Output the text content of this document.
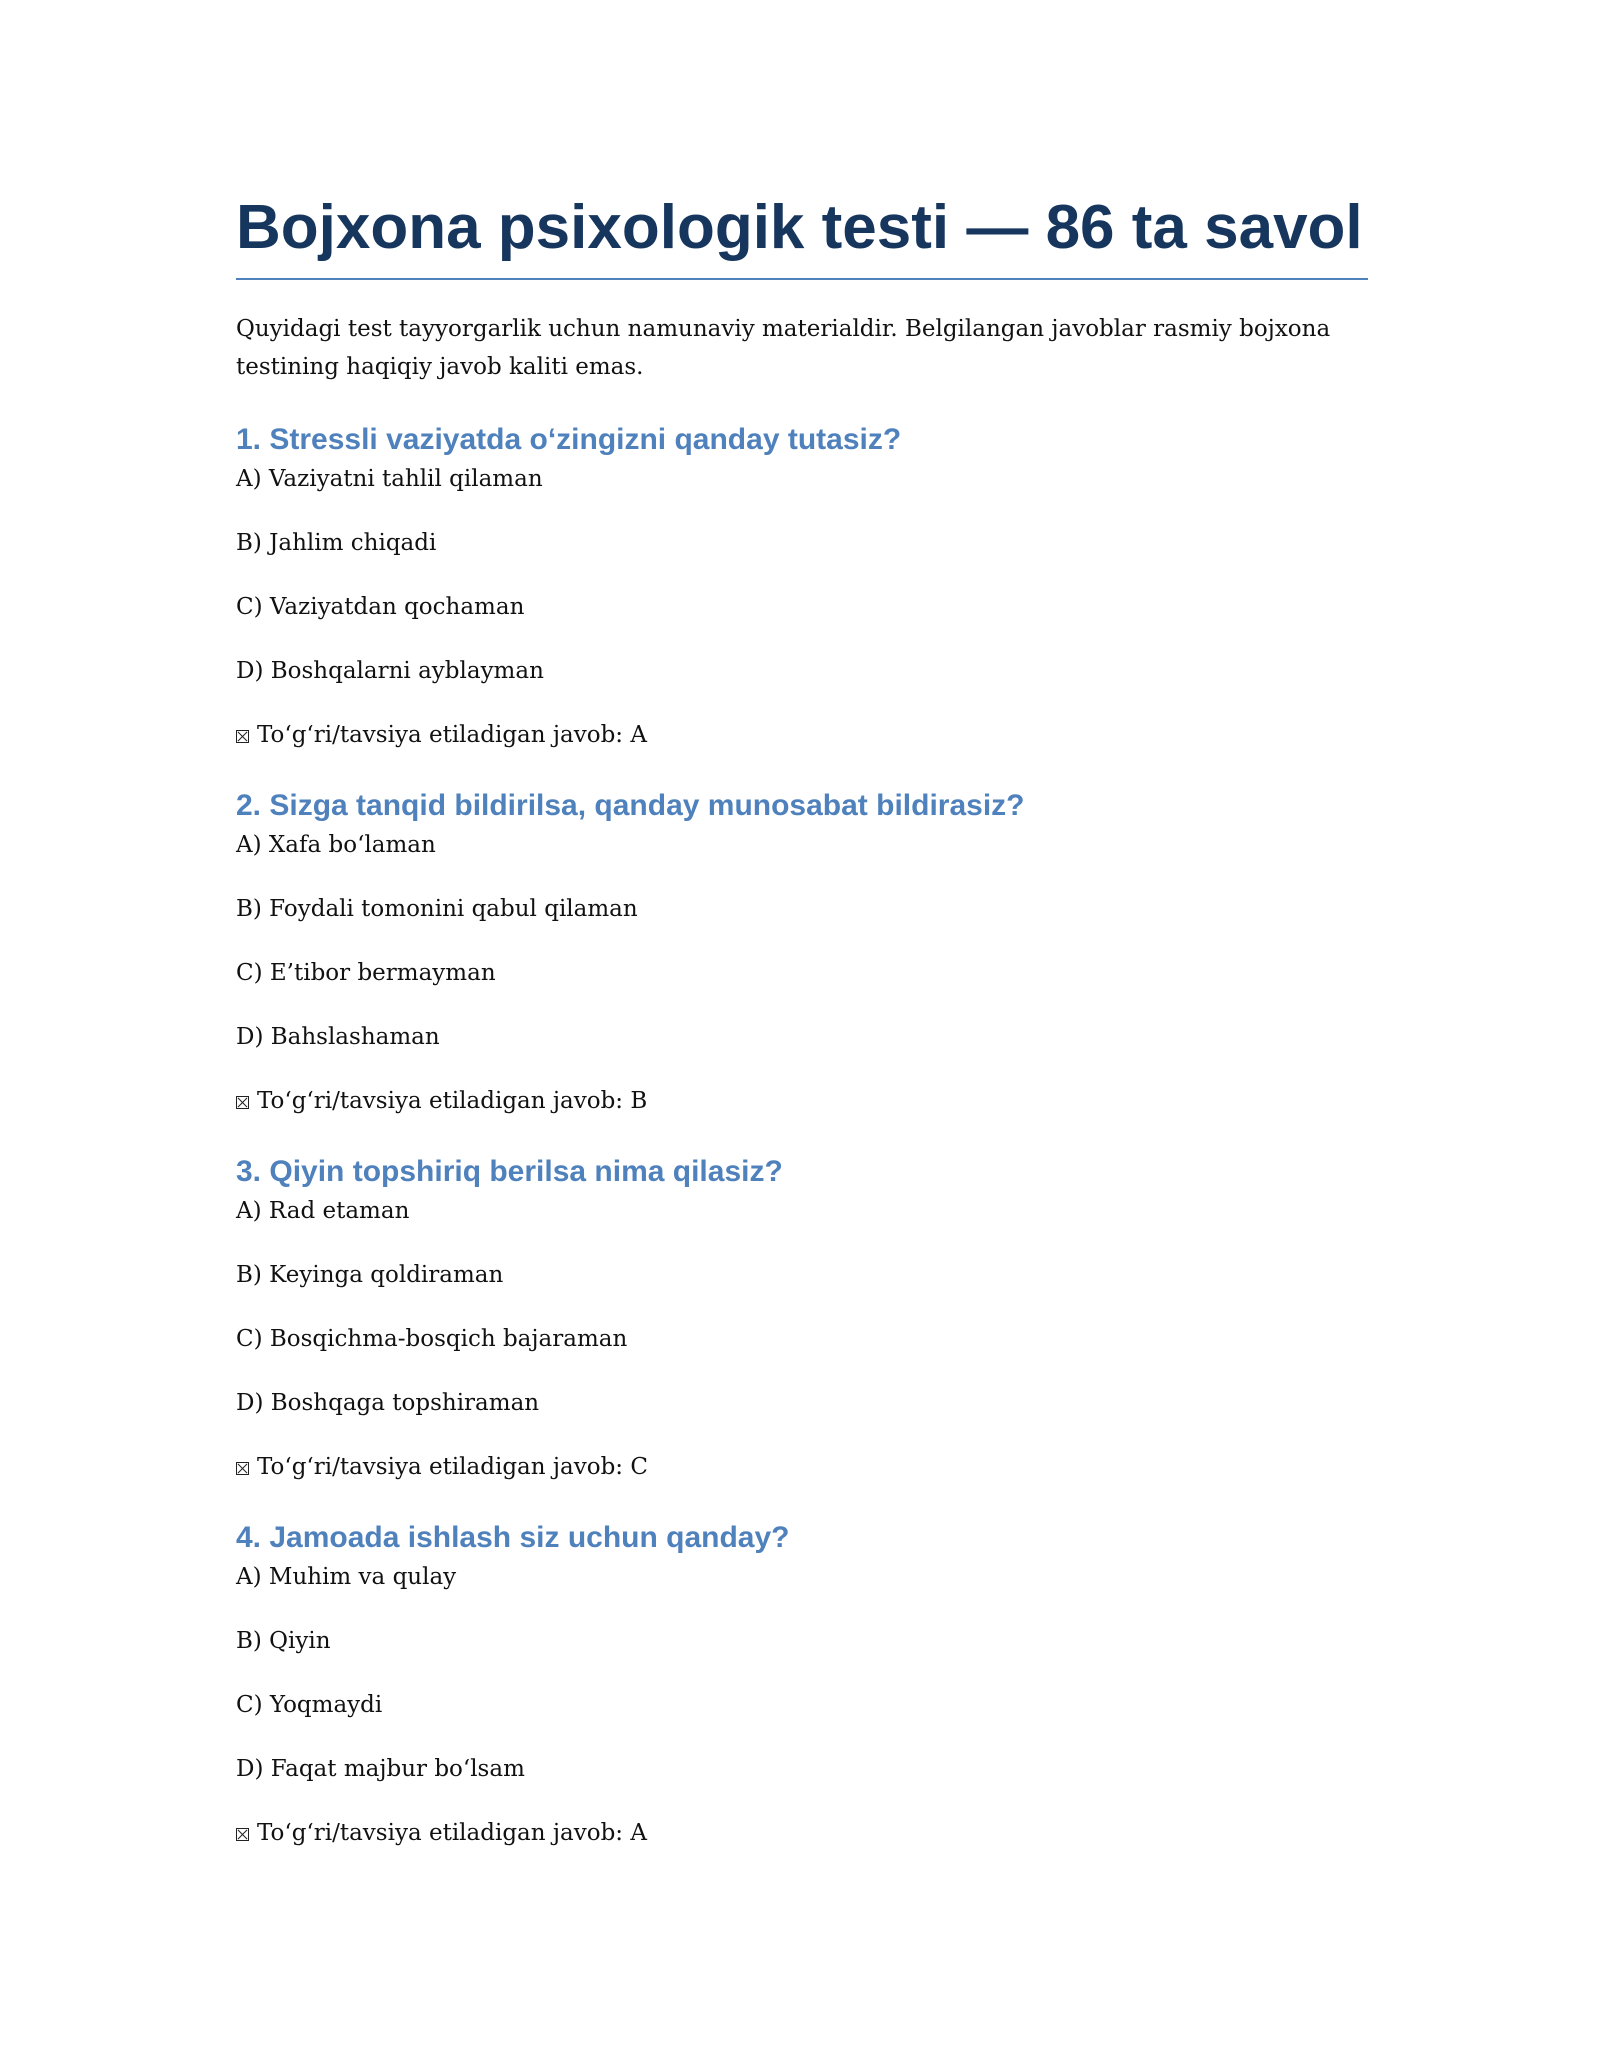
Bojxona psixologik testi — 86 ta savol

Quyidagi test tayyorgarlik uchun namunaviy materialdir. Belgilangan javoblar rasmiy bojxona testining haqiqiy javob kaliti emas.

1. Stressli vaziyatda o‘zingizni qanday tutasiz?

A) Vaziyatni tahlil qilaman

B) Jahlim chiqadi

C) Vaziyatdan qochaman

D) Boshqalarni ayblayman

To‘g‘ri/tavsiya etiladigan javob: A

2. Sizga tanqid bildirilsa, qanday munosabat bildirasiz?

A) Xafa bo‘laman

B) Foydali tomonini qabul qilaman

C) E’tibor bermayman

D) Bahslashaman

To‘g‘ri/tavsiya etiladigan javob: B

3. Qiyin topshiriq berilsa nima qilasiz?

A) Rad etaman

B) Keyinga qoldiraman

C) Bosqichma-bosqich bajaraman

D) Boshqaga topshiraman

To‘g‘ri/tavsiya etiladigan javob: C

4. Jamoada ishlash siz uchun qanday?

A) Muhim va qulay

B) Qiyin

C) Yoqmaydi

D) Faqat majbur bo‘lsam

To‘g‘ri/tavsiya etiladigan javob: A
